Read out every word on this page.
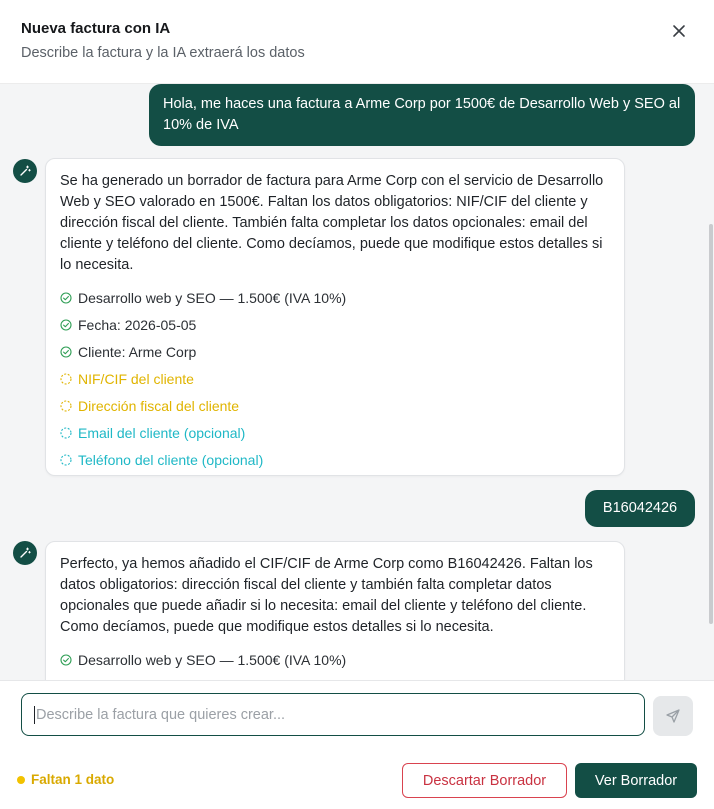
Nueva factura con IA
Describe la factura y la IA extraerá los datos
Hola, me haces una factura a Arme Corp por 1500€ de Desarrollo Web y SEO al 10% de IVA
Se ha generado un borrador de factura para Arme Corp con el servicio de Desarrollo Web y SEO valorado en 1500€. Faltan los datos obligatorios: NIF/CIF del cliente y dirección fiscal del cliente. También falta completar los datos opcionales: email del cliente y teléfono del cliente. Como decíamos, puede que modifique estos detalles si lo necesita.
Desarrollo web y SEO — 1.500€ (IVA 10%)
Fecha: 2026-05-05
Cliente: Arme Corp
NIF/CIF del cliente
Dirección fiscal del cliente
Email del cliente (opcional)
Teléfono del cliente (opcional)
B16042426
Perfecto, ya hemos añadido el CIF/CIF de Arme Corp como B16042426. Faltan los datos obligatorios: dirección fiscal del cliente y también falta completar datos opcionales que puede añadir si lo necesita: email del cliente y teléfono del cliente. Como decíamos, puede que modifique estos detalles si lo necesita.
Desarrollo web y SEO — 1.500€ (IVA 10%)
Describe la factura que quieres crear...
Faltan 1 dato	Descartar Borrador	Ver Borrador
